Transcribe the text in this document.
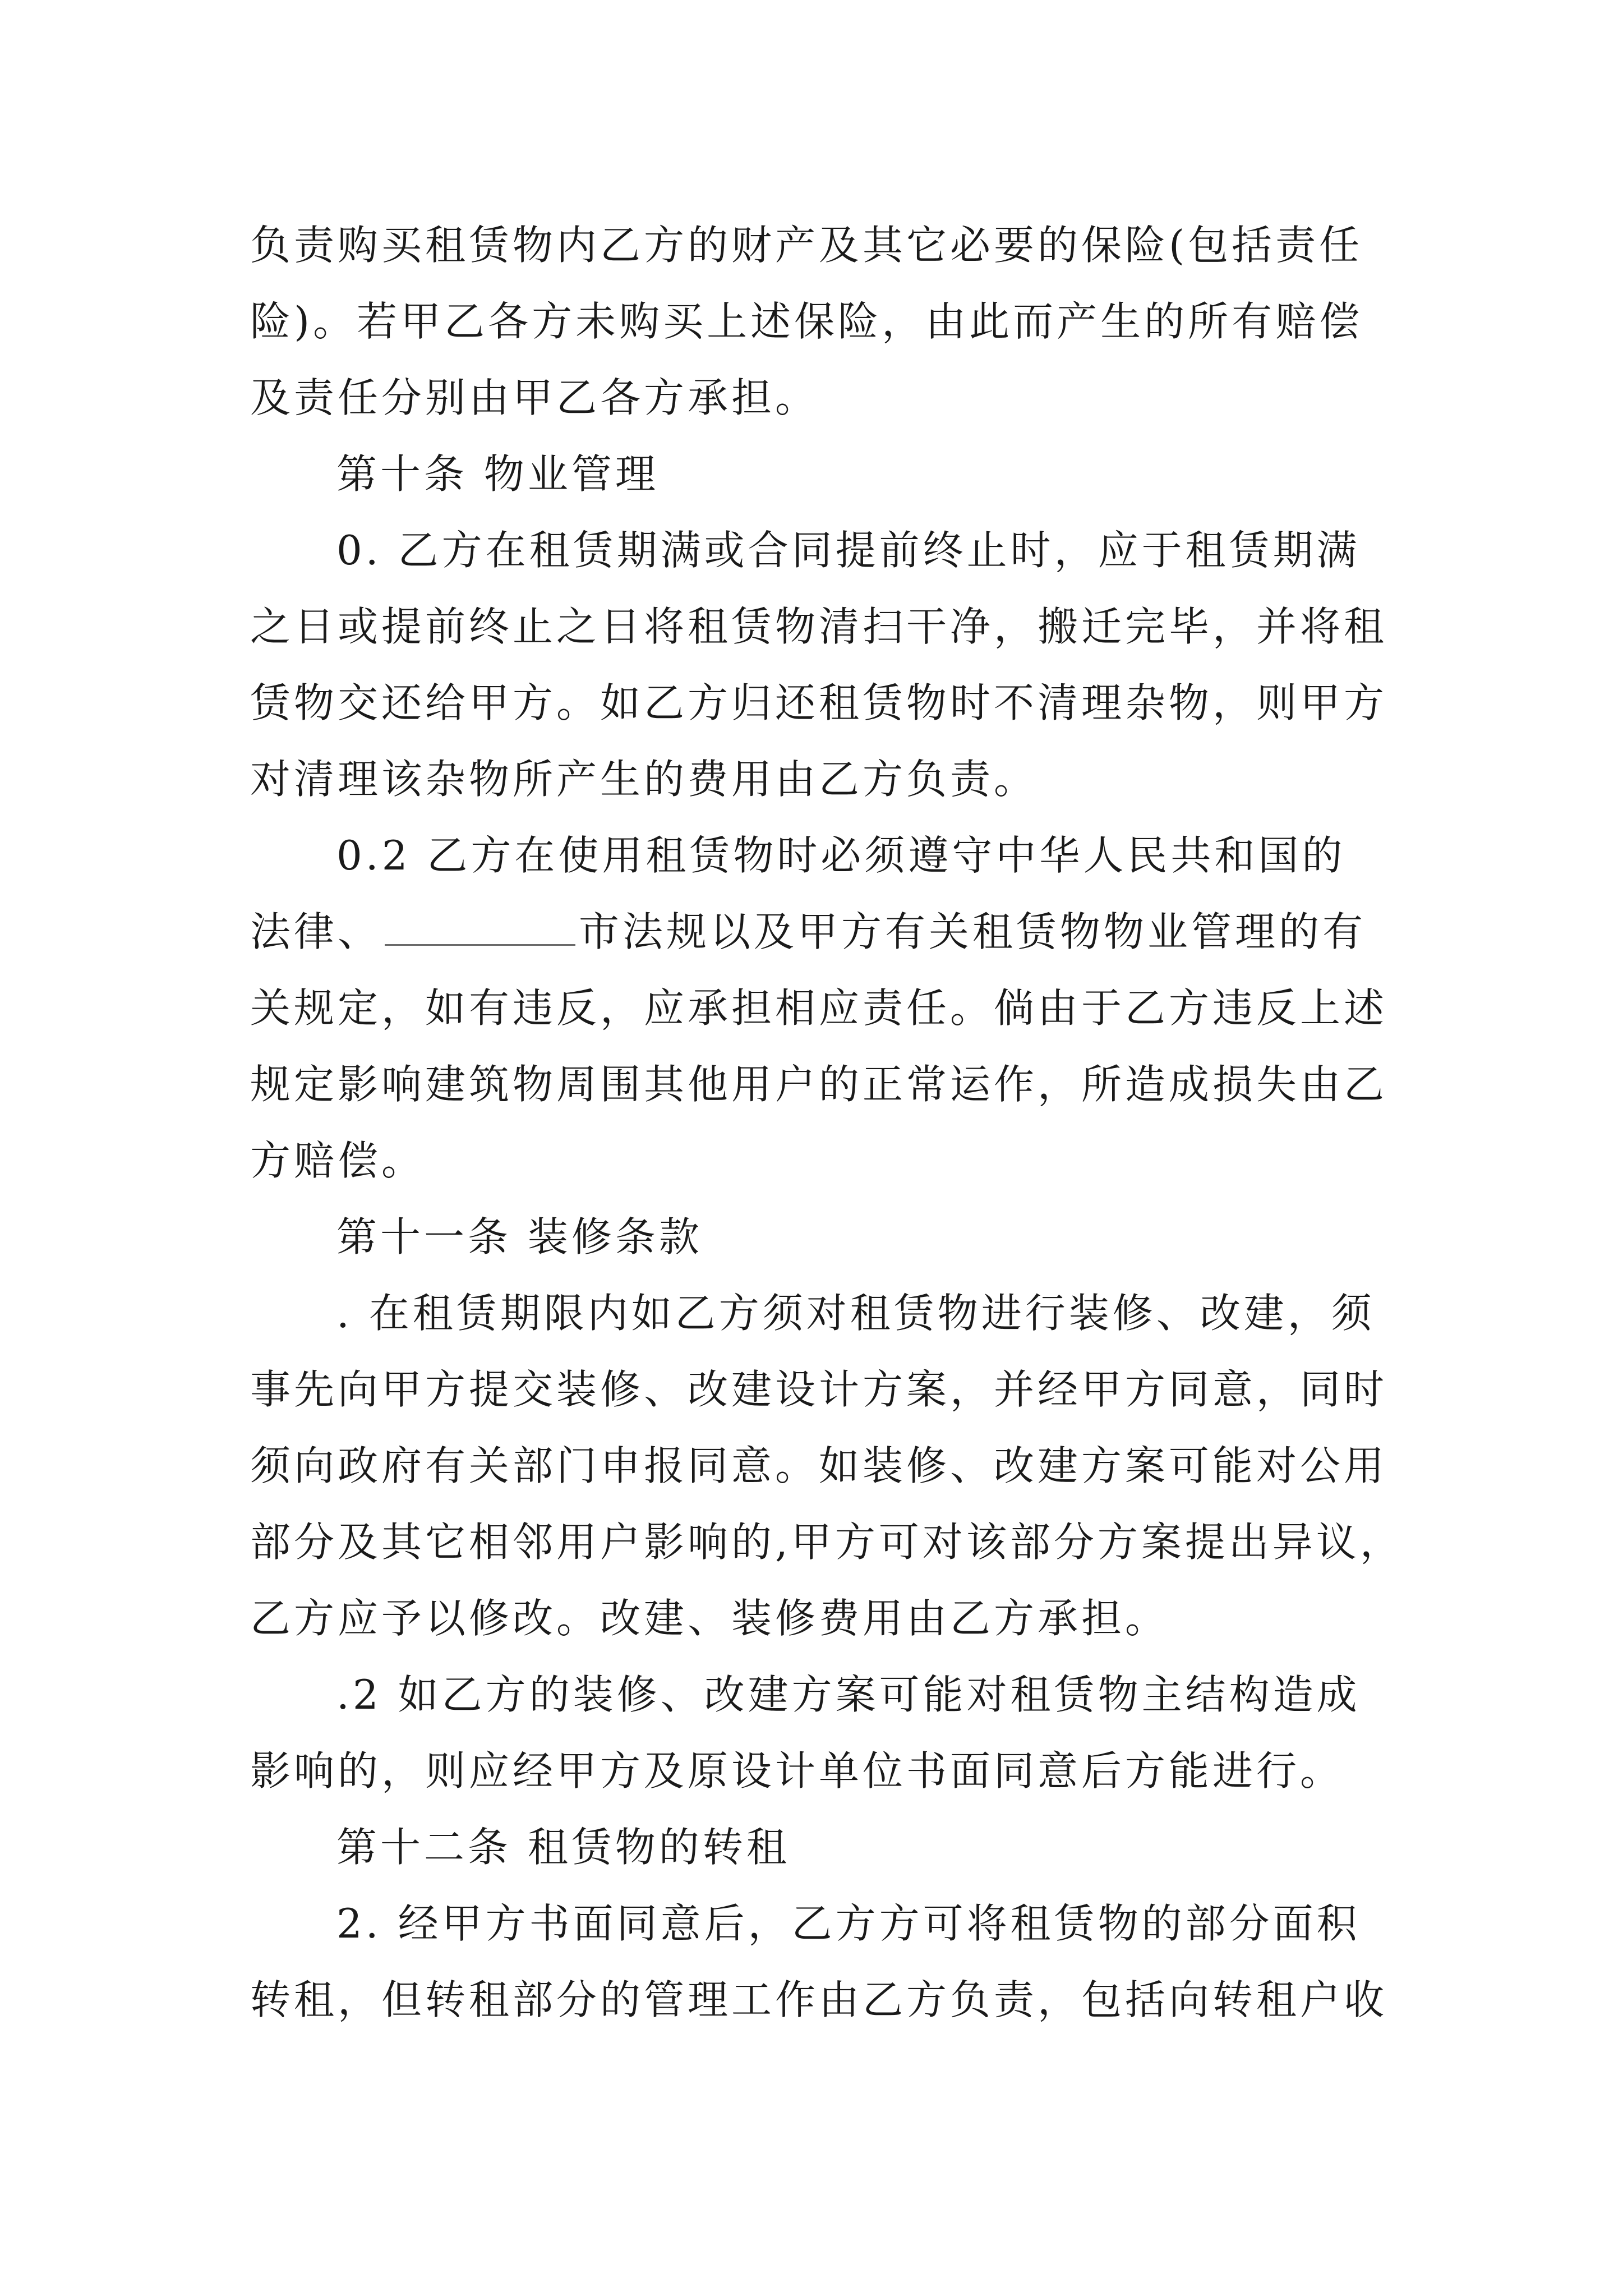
负责购买租赁物内乙方的财产及其它必要的保险(包括责任
险)。若甲乙各方未购买上述保险，由此而产生的所有赔偿
及责任分别由甲乙各方承担。
第十条 物业管理
0. 乙方在租赁期满或合同提前终止时，应于租赁期满
之日或提前终止之日将租赁物清扫干净，搬迁完毕，并将租
赁物交还给甲方。如乙方归还租赁物时不清理杂物，则甲方
对清理该杂物所产生的费用由乙方负责。
0.2 乙方在使用租赁物时必须遵守中华人民共和国的
法律、	市法规以及甲方有关租赁物物业管理的有
关规定，如有违反，应承担相应责任。倘由于乙方违反上述
规定影响建筑物周围其他用户的正常运作，所造成损失由乙
方赔偿。
第十一条 装修条款
. 在租赁期限内如乙方须对租赁物进行装修、改建，须
事先向甲方提交装修、改建设计方案，并经甲方同意，同时
须向政府有关部门申报同意。如装修、改建方案可能对公用
部分及其它相邻用户影响的,甲方可对该部分方案提出异议，
乙方应予以修改。改建、装修费用由乙方承担。
.2 如乙方的装修、改建方案可能对租赁物主结构造成
影响的，则应经甲方及原设计单位书面同意后方能进行。
第十二条 租赁物的转租
2. 经甲方书面同意后，乙方方可将租赁物的部分面积
转租，但转租部分的管理工作由乙方负责，包括向转租户收
